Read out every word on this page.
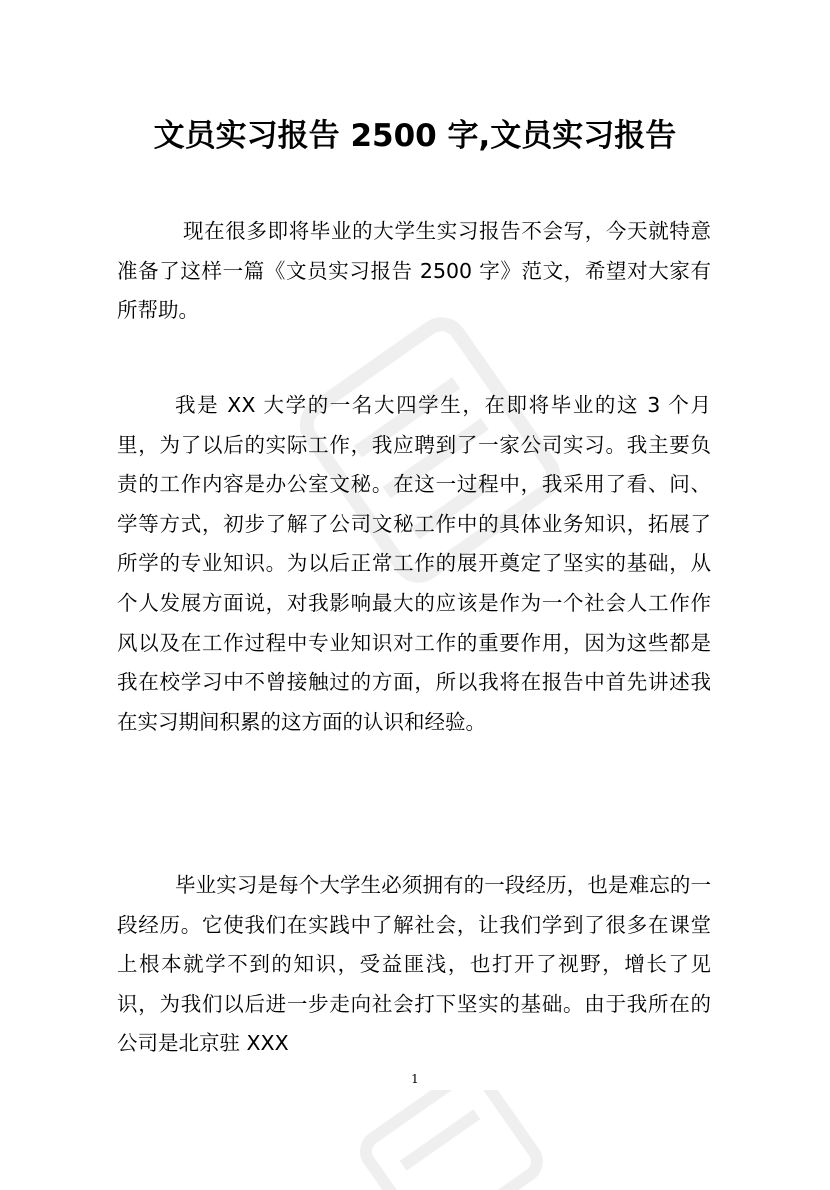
文员实习报告 2500 字,文员实习报告

现在很多即将毕业的大学生实习报告不会写，今天就特意准备了这样一篇《文员实习报告 2500 字》范文，希望对大家有所帮助。

我是 XX 大学的一名大四学生，在即将毕业的这 3 个月里，为了以后的实际工作，我应聘到了一家公司实习。我主要负责的工作内容是办公室文秘。在这一过程中，我采用了看、问、学等方式，初步了解了公司文秘工作中的具体业务知识，拓展了所学的专业知识。为以后正常工作的展开奠定了坚实的基础，从个人发展方面说，对我影响最大的应该是作为一个社会人工作作风以及在工作过程中专业知识对工作的重要作用，因为这些都是我在校学习中不曾接触过的方面，所以我将在报告中首先讲述我在实习期间积累的这方面的认识和经验。

毕业实习是每个大学生必须拥有的一段经历，也是难忘的一段经历。它使我们在实践中了解社会，让我们学到了很多在课堂上根本就学不到的知识，受益匪浅，也打开了视野，增长了见识，为我们以后进一步走向社会打下坚实的基础。由于我所在的公司是北京驻 XXX

1
